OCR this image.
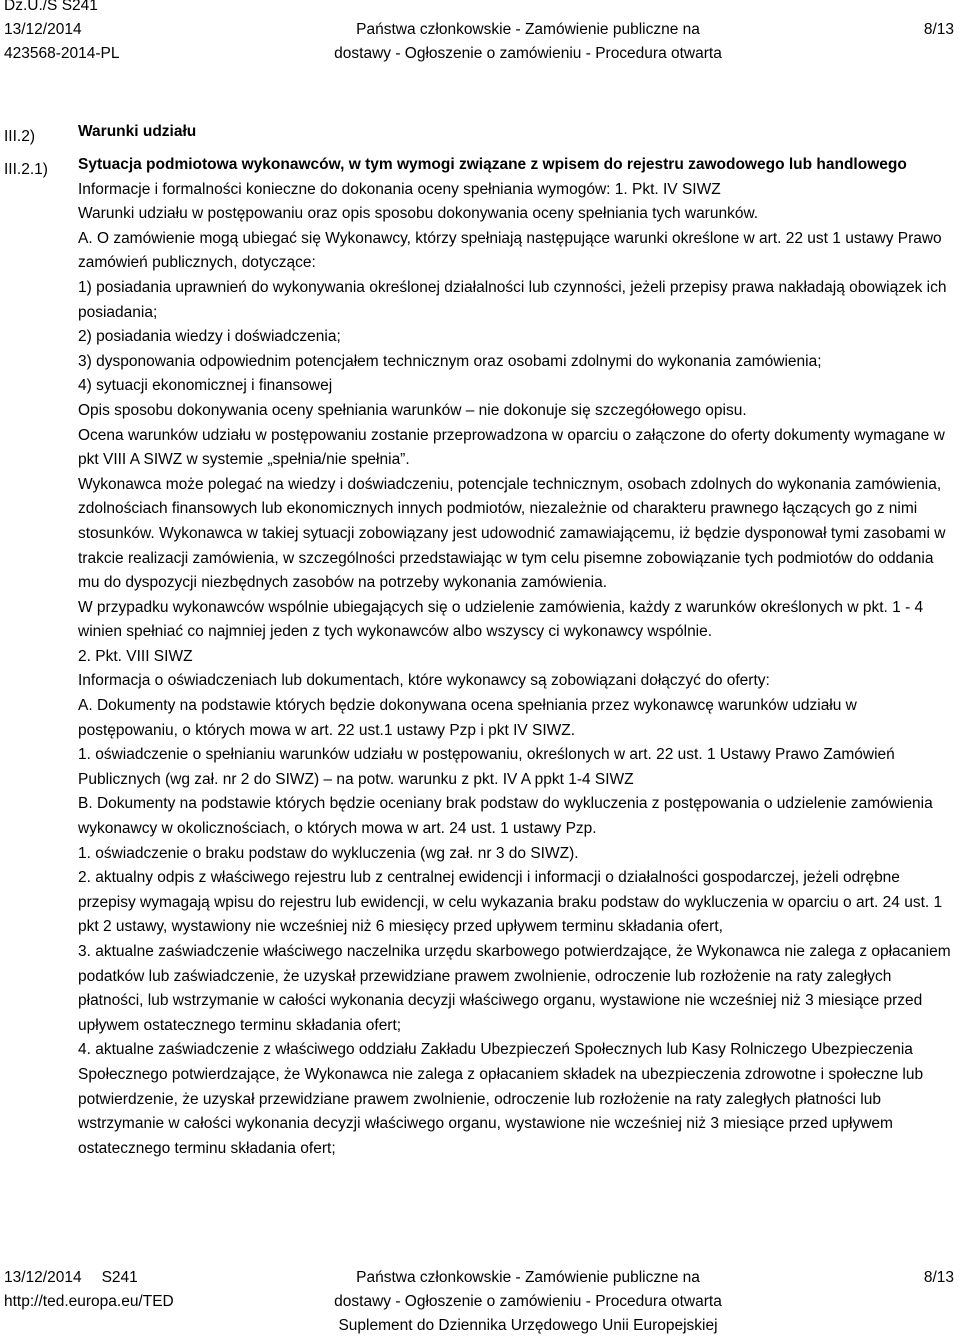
Dz.U./S S241
13/12/2014
423568-2014-PL
Państwa członkowskie - Zamówienie publiczne na
dostawy - Ogłoszenie o zamówieniu - Procedura otwarta
8/13
III.2)
III.2.1)
Warunki udziału
Sytuacja podmiotowa wykonawców, w tym wymogi związane z wpisem do rejestru zawodowego lub handlowego

Informacje i formalności konieczne do dokonania oceny spełniania wymogów: 1. Pkt. IV SIWZ

Warunki udziału w postępowaniu oraz opis sposobu dokonywania oceny spełniania tych warunków.

A. O zamówienie mogą ubiegać się Wykonawcy, którzy spełniają następujące warunki określone w art. 22 ust 1 ustawy Prawo zamówień publicznych, dotyczące:

1) posiadania uprawnień do wykonywania określonej działalności lub czynności, jeżeli przepisy prawa nakładają obowiązek ich posiadania;

2) posiadania wiedzy i doświadczenia;

3) dysponowania odpowiednim potencjałem technicznym oraz osobami zdolnymi do wykonania zamówienia;

4) sytuacji ekonomicznej i finansowej

Opis sposobu dokonywania oceny spełniania warunków – nie dokonuje się szczegółowego opisu.

Ocena warunków udziału w postępowaniu zostanie przeprowadzona w oparciu o załączone do oferty dokumenty wymagane w pkt VIII A SIWZ w systemie „spełnia/nie spełnia”.

Wykonawca może polegać na wiedzy i doświadczeniu, potencjale technicznym, osobach zdolnych do wykonania zamówienia, zdolnościach finansowych lub ekonomicznych innych podmiotów, niezależnie od charakteru prawnego łączących go z nimi stosunków. Wykonawca w takiej sytuacji zobowiązany jest udowodnić zamawiającemu, iż będzie dysponował tymi zasobami w trakcie realizacji zamówienia, w szczególności przedstawiając w tym celu pisemne zobowiązanie tych podmiotów do oddania mu do dyspozycji niezbędnych zasobów na potrzeby wykonania zamówienia.

W przypadku wykonawców wspólnie ubiegających się o udzielenie zamówienia, każdy z warunków określonych w pkt. 1 - 4 winien spełniać co najmniej jeden z tych wykonawców albo wszyscy ci wykonawcy wspólnie.

2. Pkt. VIII SIWZ

Informacja o oświadczeniach lub dokumentach, które wykonawcy są zobowiązani dołączyć do oferty:

A. Dokumenty na podstawie których będzie dokonywana ocena spełniania przez wykonawcę warunków udziału w postępowaniu, o których mowa w art. 22 ust.1 ustawy Pzp i pkt IV SIWZ.

1. oświadczenie o spełnianiu warunków udziału w postępowaniu, określonych w art. 22 ust. 1 Ustawy Prawo Zamówień Publicznych (wg zał. nr 2 do SIWZ) – na potw. warunku z pkt. IV A ppkt 1-4 SIWZ

B. Dokumenty na podstawie których będzie oceniany brak podstaw do wykluczenia z postępowania o udzielenie zamówienia wykonawcy w okolicznościach, o których mowa w art. 24 ust. 1 ustawy Pzp.

1. oświadczenie o braku podstaw do wykluczenia (wg zał. nr 3 do SIWZ).

2. aktualny odpis z właściwego rejestru lub z centralnej ewidencji i informacji o działalności gospodarczej, jeżeli odrębne przepisy wymagają wpisu do rejestru lub ewidencji, w celu wykazania braku podstaw do wykluczenia w oparciu o art. 24 ust. 1 pkt 2 ustawy, wystawiony nie wcześniej niż 6 miesięcy przed upływem terminu składania ofert,

3. aktualne zaświadczenie właściwego naczelnika urzędu skarbowego potwierdzające, że Wykonawca nie zalega z opłacaniem podatków lub zaświadczenie, że uzyskał przewidziane prawem zwolnienie, odroczenie lub rozłożenie na raty zaległych płatności, lub wstrzymanie w całości wykonania decyzji właściwego organu, wystawione nie wcześniej niż 3 miesiące przed upływem ostatecznego terminu składania ofert;

4. aktualne zaświadczenie z właściwego oddziału Zakładu Ubezpieczeń Społecznych lub Kasy Rolniczego Ubezpieczenia Społecznego potwierdzające, że Wykonawca nie zalega z opłacaniem składek na ubezpieczenia zdrowotne i społeczne lub potwierdzenie, że uzyskał przewidziane prawem zwolnienie, odroczenie lub rozłożenie na raty zaległych płatności lub wstrzymanie w całości wykonania decyzji właściwego organu, wystawione nie wcześniej niż 3 miesiące przed upływem ostatecznego terminu składania ofert;

13/12/2014 S241
http://ted.europa.eu/TED
Państwa członkowskie - Zamówienie publiczne na
dostawy - Ogłoszenie o zamówieniu - Procedura otwarta
Suplement do Dziennika Urzędowego Unii Europejskiej
8/13
